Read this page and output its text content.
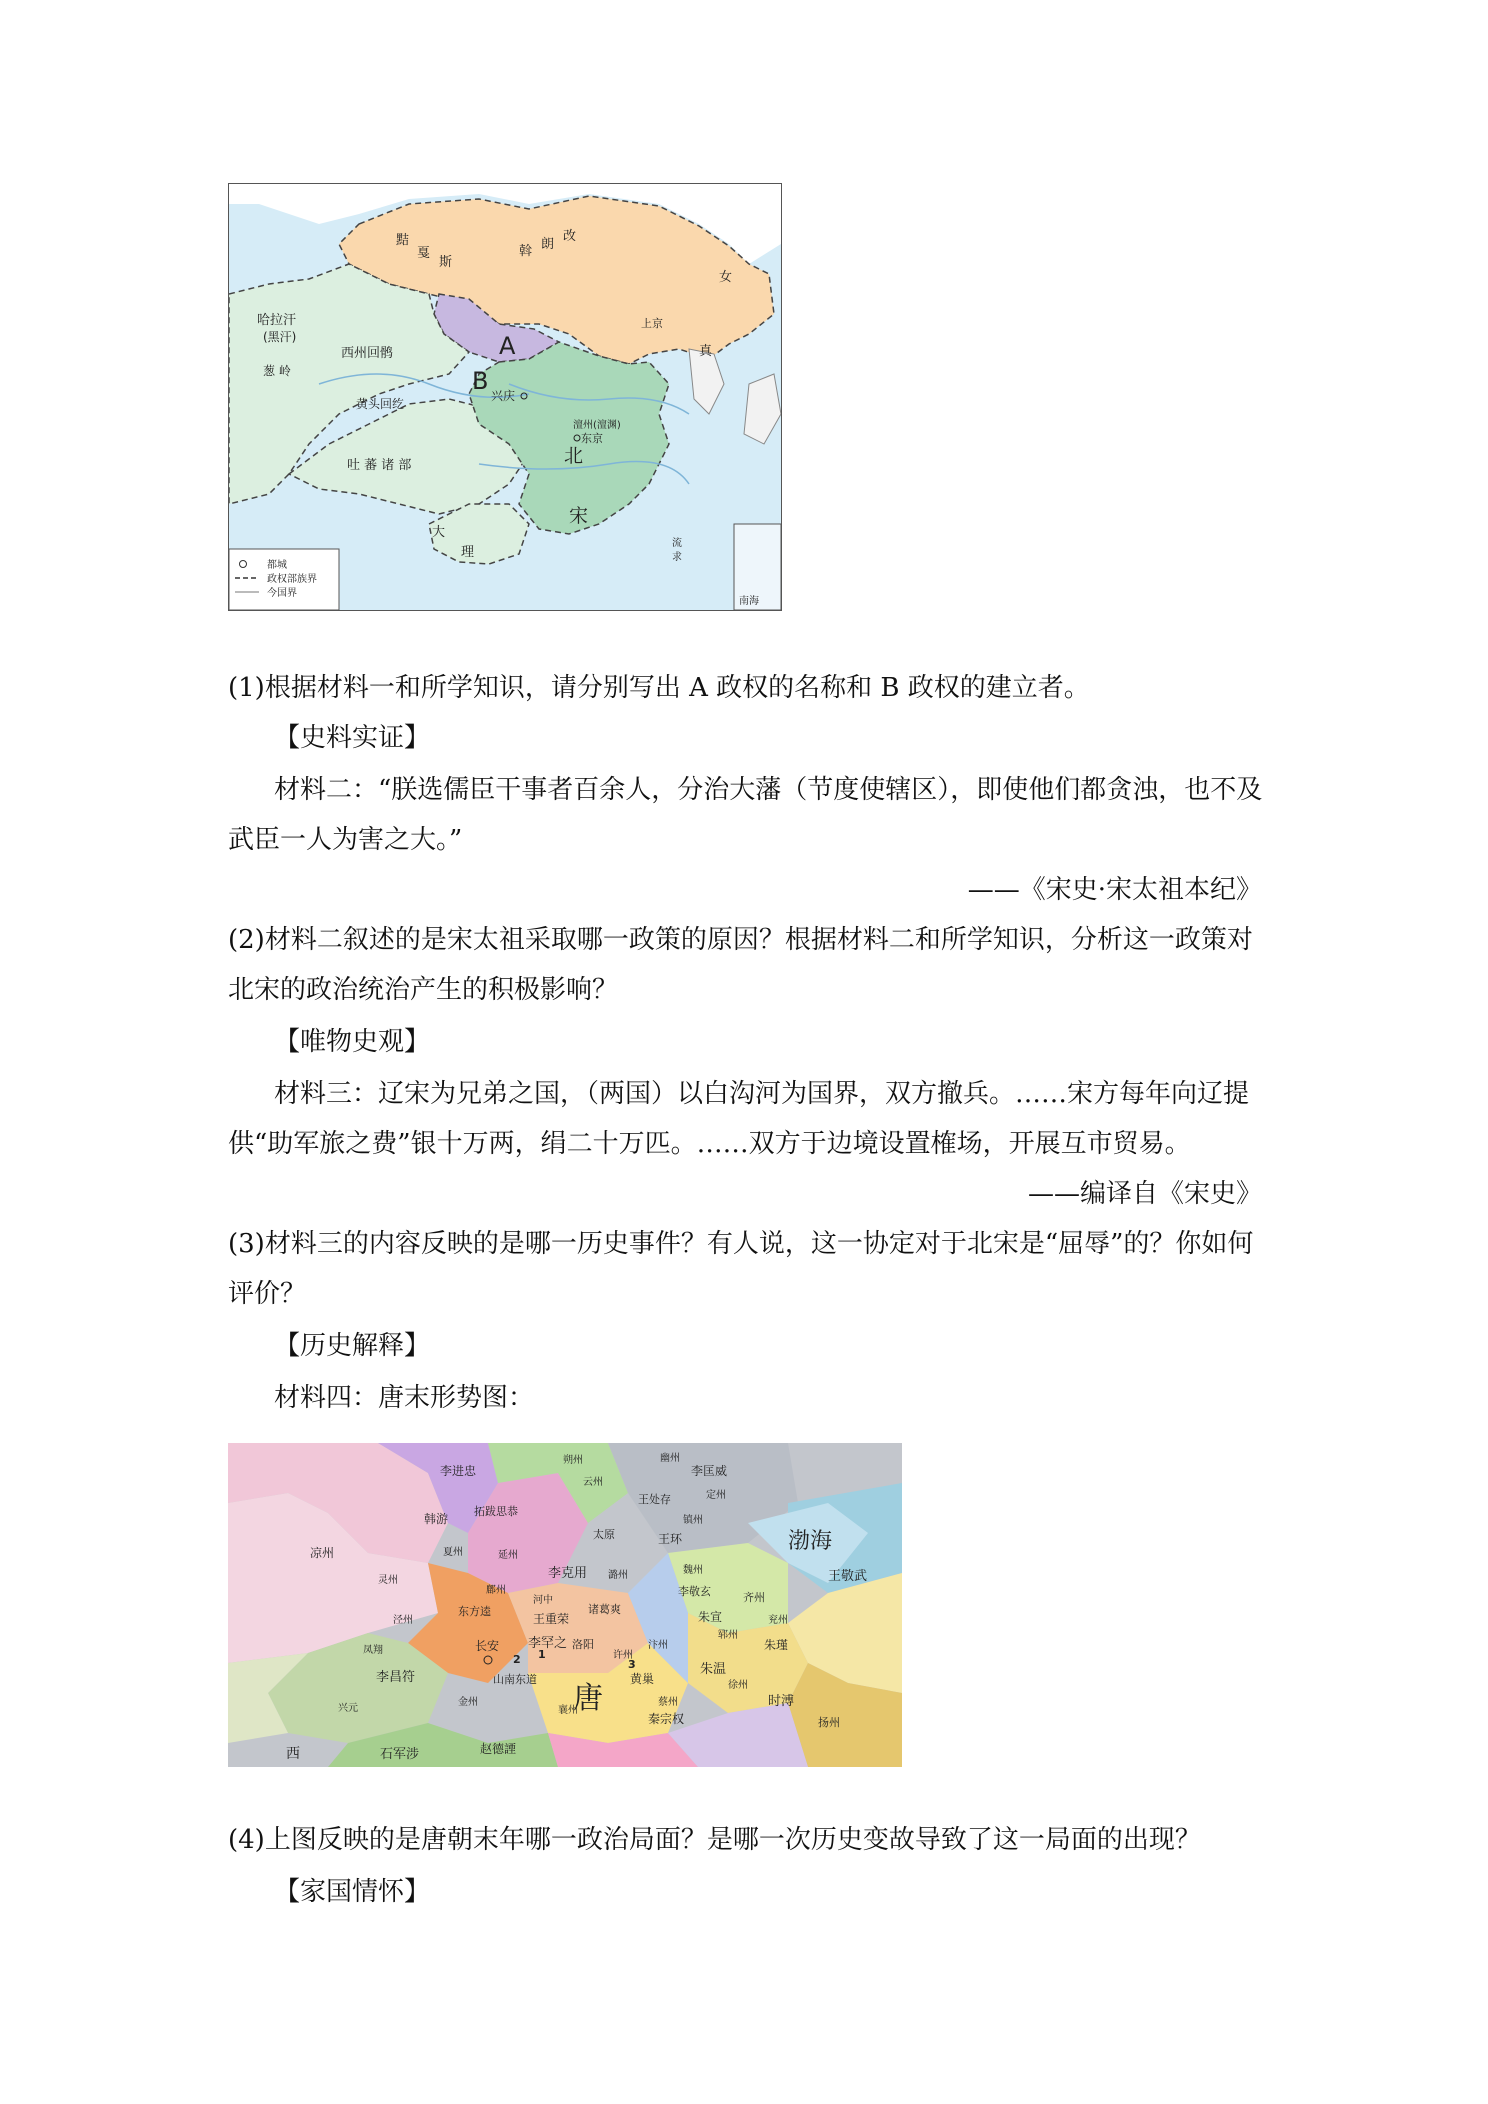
黠
戛
斯
斡 朗
改
女
真
上京
A
B
兴庆
哈拉汗
(黑汗)
葱 岭
西州回鹘
黄头回纥
吐 蕃 诸 部
大
理
北
宋
澶州(澶渊)
东京
流
求
南海
都城
政权部族界
今国界
(1)根据材料一和所学知识，请分别写出 A 政权的名称和 B 政权的建立者。
【史料实证】
材料二：“朕选儒臣干事者百余人，分治大藩（节度使辖区），即使他们都贪浊，也不及
武臣一人为害之大。”
——《宋史·宋太祖本纪》
(2)材料二叙述的是宋太祖采取哪一政策的原因？根据材料二和所学知识，分析这一政策对
北宋的政治统治产生的积极影响？
【唯物史观】
材料三：辽宋为兄弟之国，（两国）以白沟河为国界，双方撤兵。……宋方每年向辽提
供“助军旅之费”银十万两，绢二十万匹。……双方于边境设置榷场，开展互市贸易。
——编译自《宋史》
(3)材料三的内容反映的是哪一历史事件？有人说，这一协定对于北宋是“屈辱”的？你如何
评价？
【历史解释】
材料四：唐末形势图：
渤海
唐
长安
凉州
李罕之
李克用	王敬武
朱温
石军涉
西
山南东道
洛阳
太原
齐州
扬州
李昌符
王重荣
赵德諲
时溥
李匡威
李进忠
拓跋思恭
黄巢
朱宣
朱瑾
秦宗权
李敬玄
王环
王处存
东方逵
韩游
诸葛爽
幽州
朔州
夏州	延州
鄜州
泾州
凤翔
河中
汴州
郓州
兖州
徐州
蔡州
许州
魏州
镇州
定州
潞州
云州
灵州
兴元	襄州
金州
1
2	3
(4)上图反映的是唐朝末年哪一政治局面？是哪一次历史变故导致了这一局面的出现？
【家国情怀】
